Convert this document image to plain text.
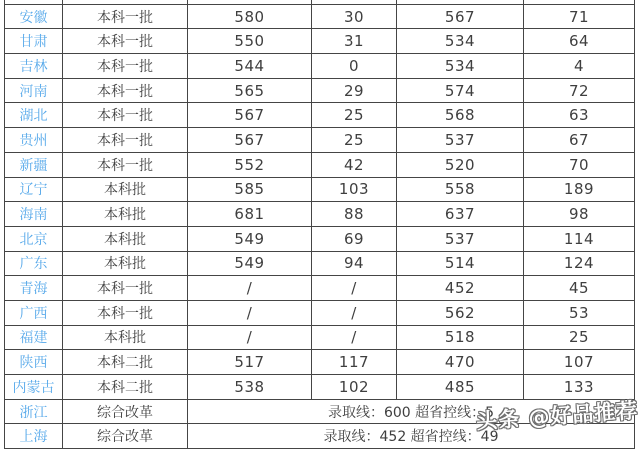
安徽	本科一批	580	30	567	71
甘肃	本科一批	550	31	534	64
吉林	本科一批	544	0	534	4
河南	本科一批	565	29	574	72
湖北	本科一批	567	25	568	63
贵州	本科一批	567	25	537	67
新疆	本科一批	552	42	520	70
辽宁	本科批	585	103	558	189
海南	本科批	681	88	637	98
北京	本科批	549	69	537	114
广东	本科批	549	94	514	124
青海	本科一批	/	/	452	45
广西	本科一批	/	/	562	53
福建	本科批	/	/	518	25
陕西	本科二批	517	117	470	107
内蒙古	本科二批	538	102	485	133
浙江	综合改革	录取线：600 超省控线：5			
上海	综合改革	录取线：452 超省控线：49			
头条 @好品推荐
